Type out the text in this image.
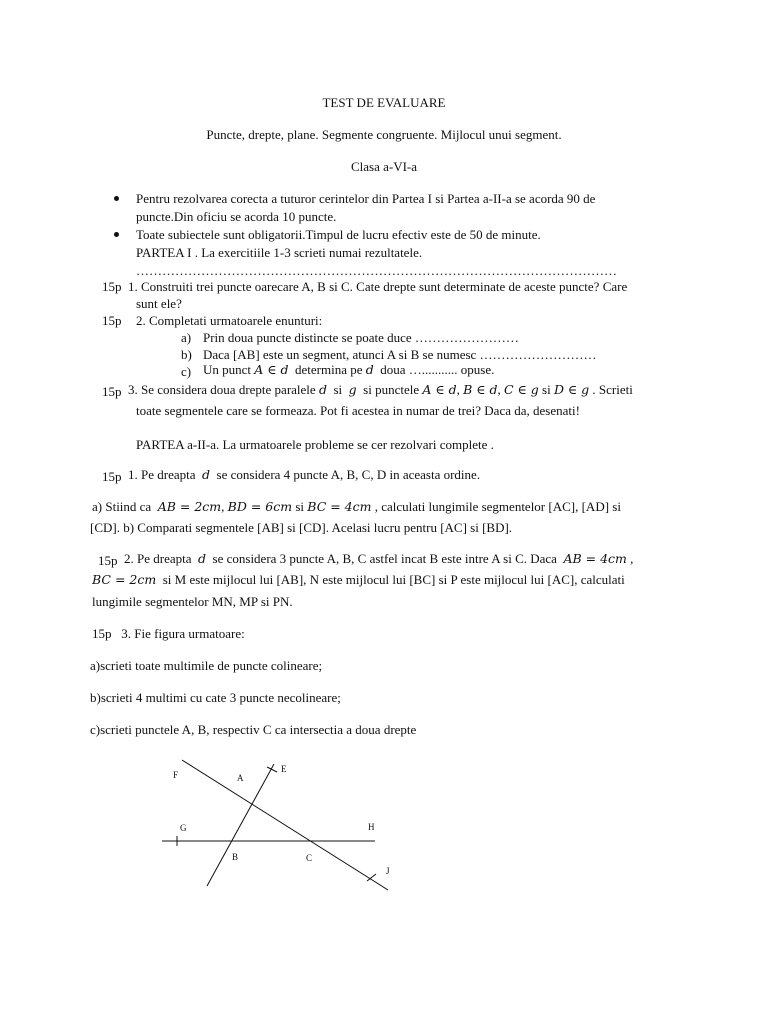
TEST DE EVALUARE
Puncte, drepte, plane. Segmente congruente. Mijlocul unui segment.
Clasa a-VI-a
Pentru rezolvarea corecta a tuturor cerintelor din Partea I si Partea a-II-a se acorda 90 de
puncte.Din oficiu se acorda 10 puncte.
Toate subiectele sunt obligatorii.Timpul de lucru efectiv este de 50 de minute.
PARTEA I . La exercitiile 1-3 scrieti numai rezultatele.
…………………………………………………………………………………………………
15p 1. Construiti trei puncte oarecare A, B si C. Cate drepte sunt determinate de aceste puncte? Care
sunt ele?
15p 2. Completati urmatoarele enunturi:
a) Prin doua puncte distincte se poate duce ……………………
b) Daca [AB] este un segment, atunci A si B se numesc ………………………
c) Un punct A ∈ d determina pe d doua …........... opuse.
15p 3. Se considera doua drepte paralele d si g si punctele A ∈ d, B ∈ d, C ∈ g si D ∈ g . Scrieti
toate segmentele care se formeaza. Pot fi acestea in numar de trei? Daca da, desenati!
PARTEA a-II-a. La urmatoarele probleme se cer rezolvari complete .
15p 1. Pe dreapta d se considera 4 puncte A, B, C, D in aceasta ordine.
a) Stiind ca AB = 2cm, BD = 6cm si BC = 4cm , calculati lungimile segmentelor [AC], [AD] si
[CD]. b) Comparati segmentele [AB] si [CD]. Acelasi lucru pentru [AC] si [BD].
15p 2. Pe dreapta d se considera 3 puncte A, B, C astfel incat B este intre A si C. Daca AB = 4cm ,
BC = 2cm si M este mijlocul lui [AB], N este mijlocul lui [BC] si P este mijlocul lui [AC], calculati
lungimile segmentelor MN, MP si PN.
15p 3. Fie figura urmatoare:
a)scrieti toate multimile de puncte colineare;
b)scrieti 4 multimi cu cate 3 puncte necolineare;
c)scrieti punctele A, B, respectiv C ca intersectia a doua drepte
F	A
E
G	H
B	C
J
